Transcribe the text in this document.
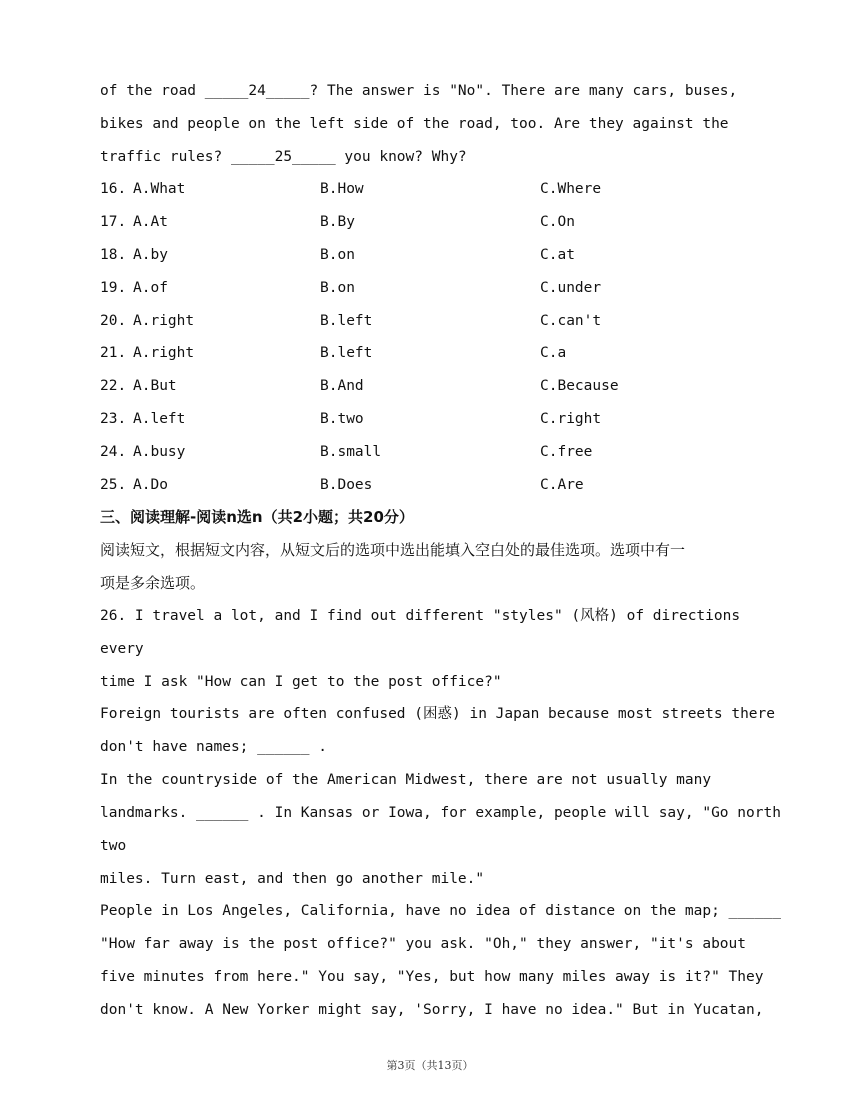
of the road _____24_____? The answer is "No". There are many cars, buses,
bikes and people on the left side of the road, too. Are they against the
traffic rules? _____25_____ you know? Why?
16. A.What	B.How	C.Where
17. A.At	B.By	C.On
18. A.by	B.on	C.at
19. A.of	B.on	C.under
20. A.right	B.left	C.can't
21. A.right	B.left	C.a
22. A.But	B.And	C.Because
23. A.left	B.two	C.right
24. A.busy	B.small	C.free
25. A.Do	B.Does	C.Are
三、阅读理解-阅读n选n（共2小题；共20分）
阅读短文，根据短文内容，从短文后的选项中选出能填入空白处的最佳选项。选项中有一
项是多余选项。
26. I travel a lot, and I find out different "styles" (风格) of directions
every
time I ask "How can I get to the post office?"
Foreign tourists are often confused (困惑) in Japan because most streets there
don't have names; ______ .
In the countryside of the American Midwest, there are not usually many
landmarks. ______ . In Kansas or Iowa, for example, people will say, "Go north
two
miles. Turn east, and then go another mile."
People in Los Angeles, California, have no idea of distance on the map; ______
"How far away is the post office?" you ask. "Oh," they answer, "it's about
five minutes from here." You say, "Yes, but how many miles away is it?" They
don't know. A New Yorker might say, 'Sorry, I have no idea." But in Yucatan,
第3页（共13页）
